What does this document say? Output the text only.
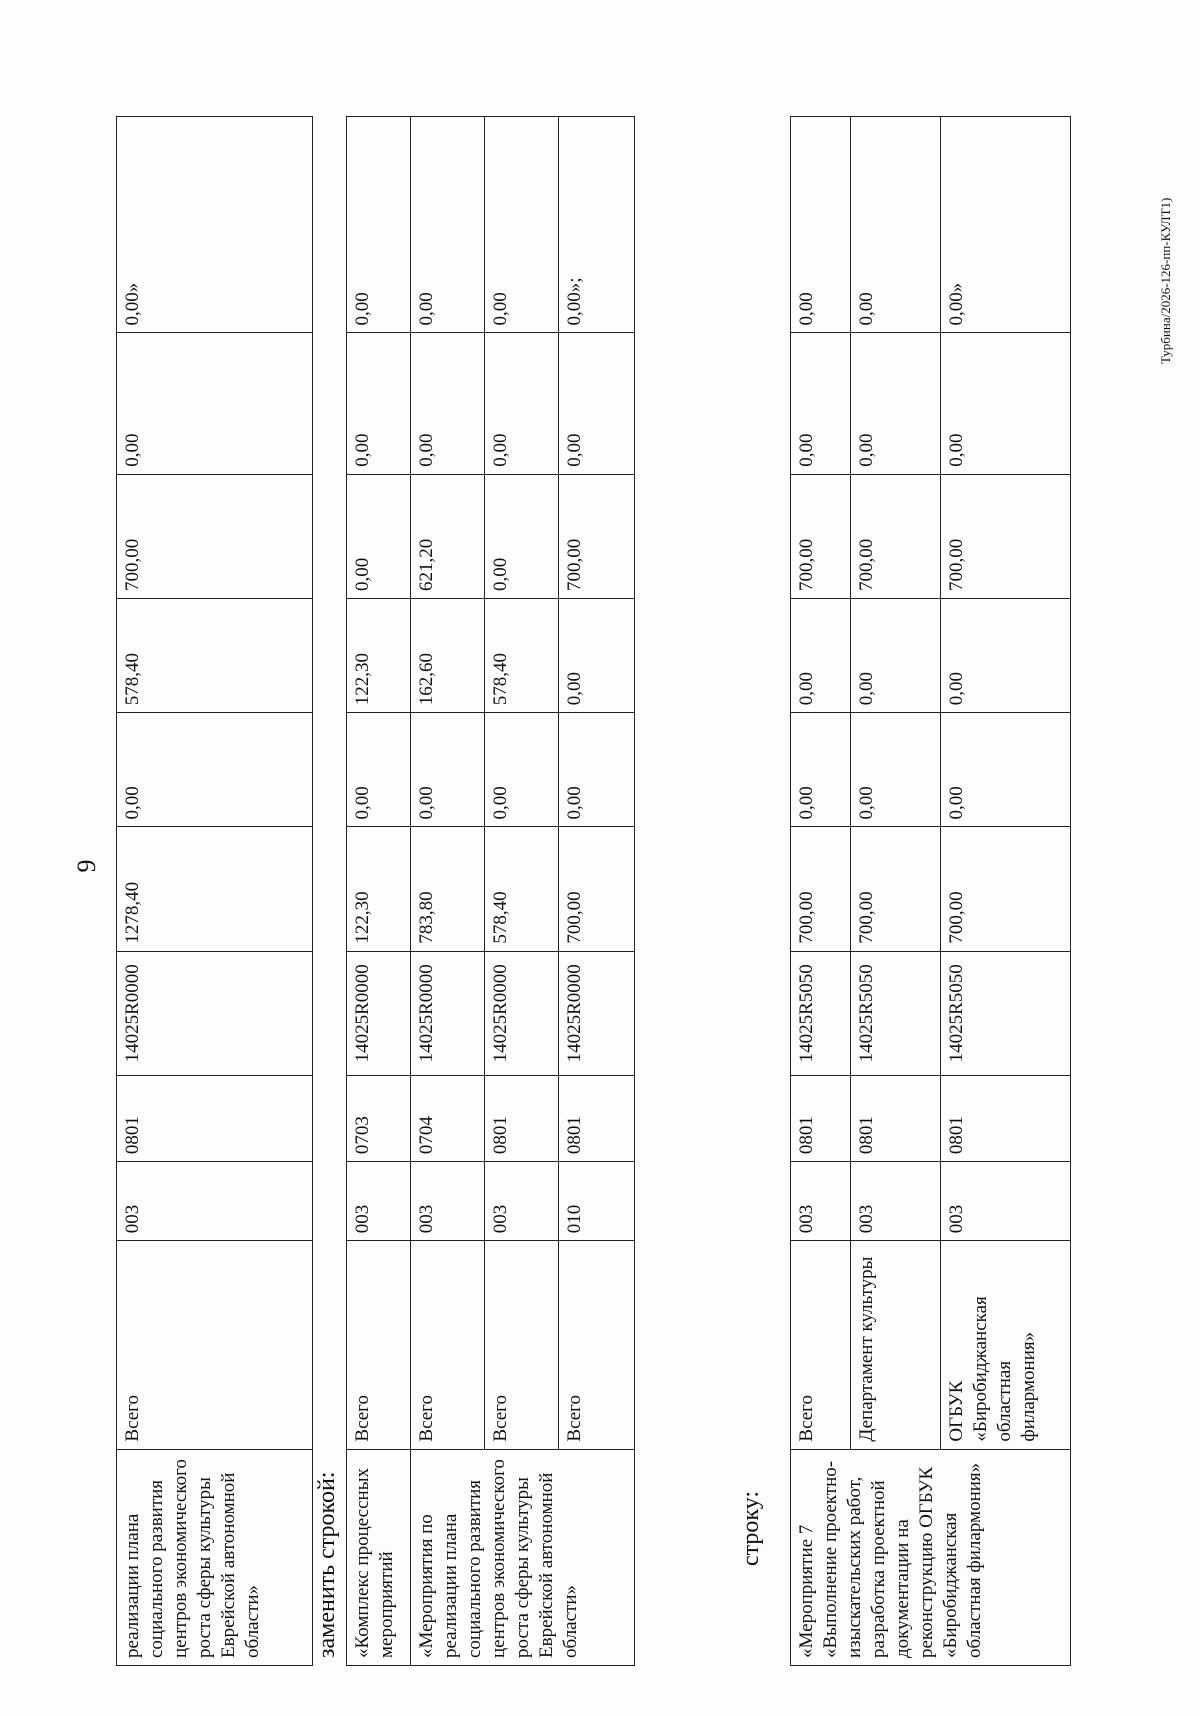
9
реализации плана социального развития центров экономического роста сферы культуры Еврейской автономной области»	Всего	003	0801	14025R0000	1278,40	0,00	578,40	700,00	0,00	0,00»
заменить строкой: «Комплекс процессных мероприятий	Всего	003	0703	14025R0000	122,30	0,00	122,30	0,00	0,00	0,00
«Мероприятия по реализации плана социального развития центров экономического роста сферы культуры Еврейской автономной области»	Всего	003	0704	14025R0000	783,80	0,00	162,60	621,20	0,00	0,00
	Всего	003	0801	14025R0000	578,40	0,00	578,40	0,00	0,00	0,00
	Всего	010	0801	14025R0000	700,00	0,00	0,00	700,00	0,00	0,00»;
строку: «Мероприятие 7 «Выполнение проектно-изыскательских работ, разработка проектной документации на реконструкцию ОГБУК «Биробиджанская областная филармония»	Всего	003	0801	14025R5050	700,00	0,00	0,00	700,00	0,00	0,00
	Департамент культуры	003	0801	14025R5050	700,00	0,00	0,00	700,00	0,00	0,00
	ОГБУК «Биробиджанская областная филармония»	003	0801	14025R5050	700,00	0,00	0,00	700,00	0,00	0,00»	Турбина/2026-126-пп-КУЛТ1)
